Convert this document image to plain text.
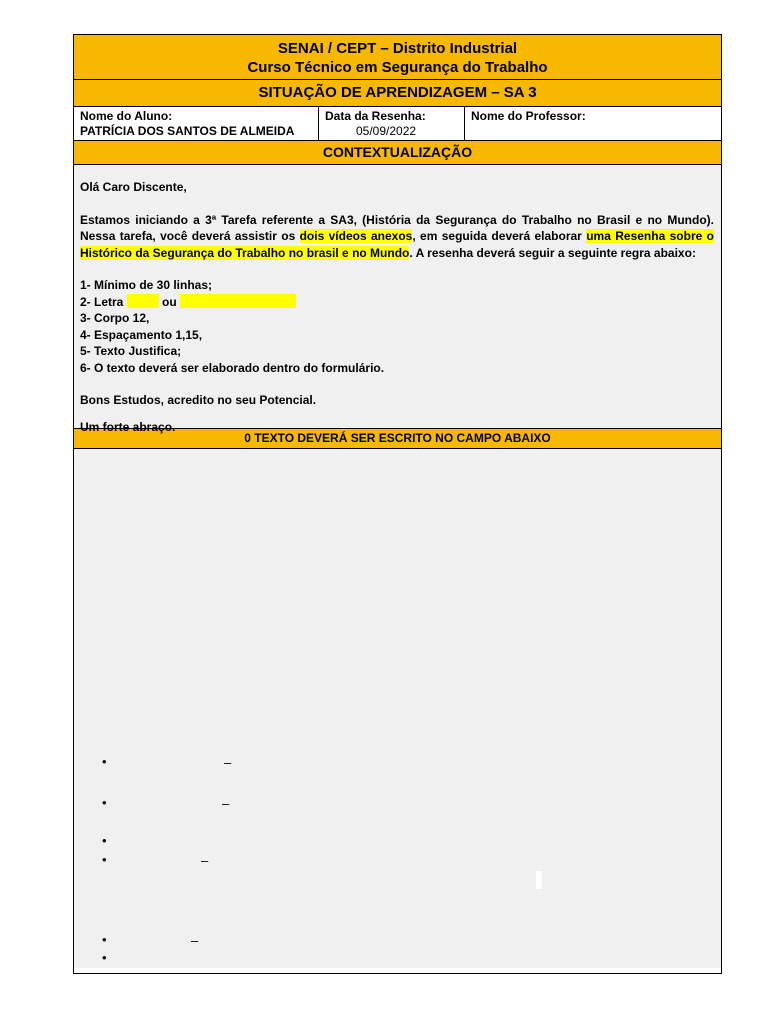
SENAI / CEPT – Distrito Industrial
Curso Técnico em Segurança do Trabalho
SITUAÇÃO DE APRENDIZAGEM – SA 3
Nome do Aluno:
PATRÍCIA DOS SANTOS DE ALMEIDA
Data da Resenha:
05/09/2022
Nome do Professor:
CONTEXTUALIZAÇÃO

Olá Caro Discente,

Estamos iniciando a 3ª Tarefa referente a SA3, (História da Segurança do Trabalho no Brasil e no Mundo). Nessa tarefa, você deverá assistir os dois vídeos anexos, em seguida deverá elaborar uma Resenha sobre o Histórico da Segurança do Trabalho no brasil e no Mundo. A resenha deverá seguir a seguinte regra abaixo:

1- Mínimo de 30 linhas;

2- Letra	ou

3- Corpo 12,

4- Espaçamento 1,15,

5- Texto Justifica;

6- O texto deverá ser elaborado dentro do formulário.

Bons Estudos, acredito no seu Potencial.

Um forte abraço.

0 TEXTO DEVERÁ SER ESCRITO NO CAMPO ABAIXO
•	–
•	–
•
•	–
•	–
•
